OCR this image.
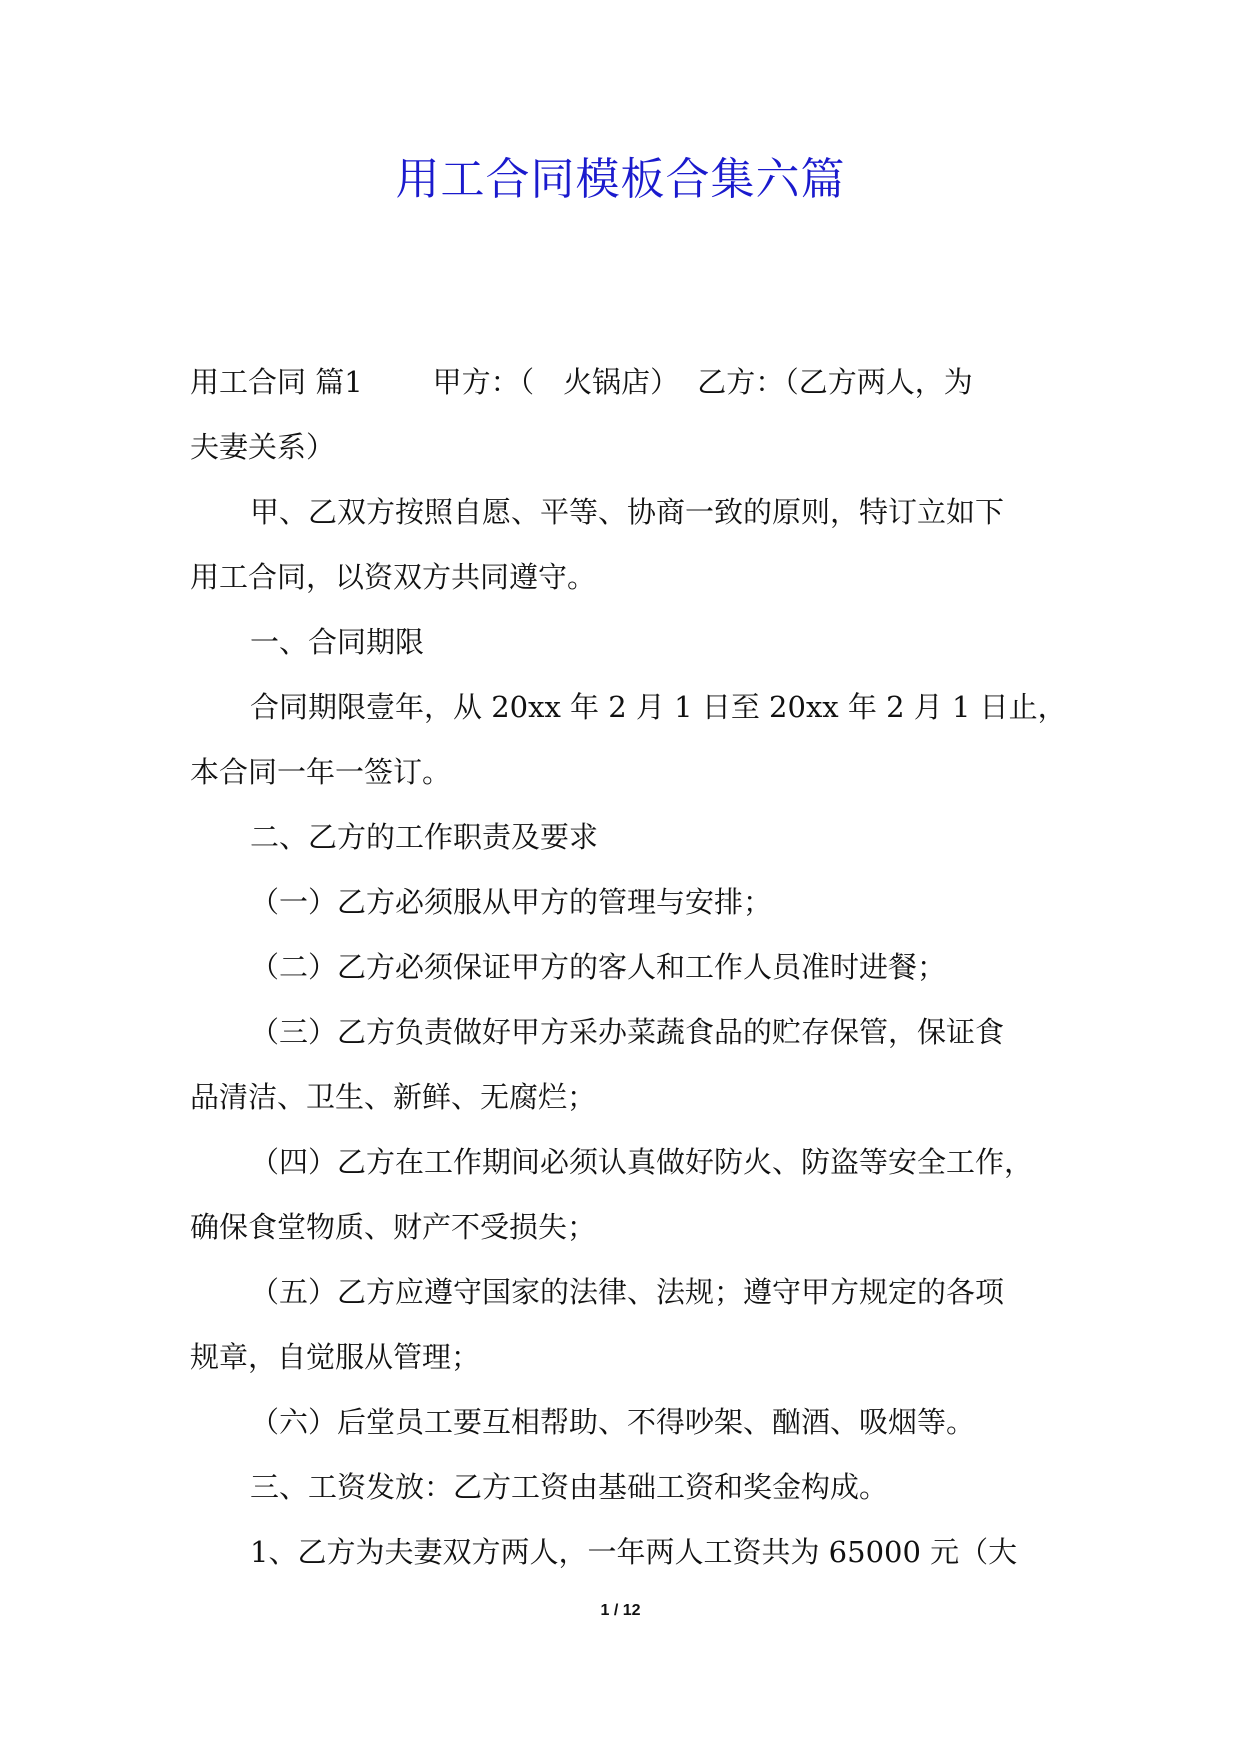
用工合同模板合集六篇
用工合同 篇1 甲方：（　火锅店） 乙方：（乙方两人，为
夫妻关系）
甲、乙双方按照自愿、平等、协商一致的原则，特订立如下
用工合同，以资双方共同遵守。
一、合同期限
合同期限壹年，从 20xx 年 2 月 1 日至 20xx 年 2 月 1 日止，
本合同一年一签订。
二、乙方的工作职责及要求
（一）乙方必须服从甲方的管理与安排；
（二）乙方必须保证甲方的客人和工作人员准时进餐；
（三）乙方负责做好甲方采办菜蔬食品的贮存保管，保证食
品清洁、卫生、新鲜、无腐烂；
（四）乙方在工作期间必须认真做好防火、防盗等安全工作，
确保食堂物质、财产不受损失；
（五）乙方应遵守国家的法律、法规；遵守甲方规定的各项
规章，自觉服从管理；
（六）后堂员工要互相帮助、不得吵架、酗酒、吸烟等。
三、工资发放：乙方工资由基础工资和奖金构成。
1、乙方为夫妻双方两人，一年两人工资共为 65000 元（大
1 / 12
